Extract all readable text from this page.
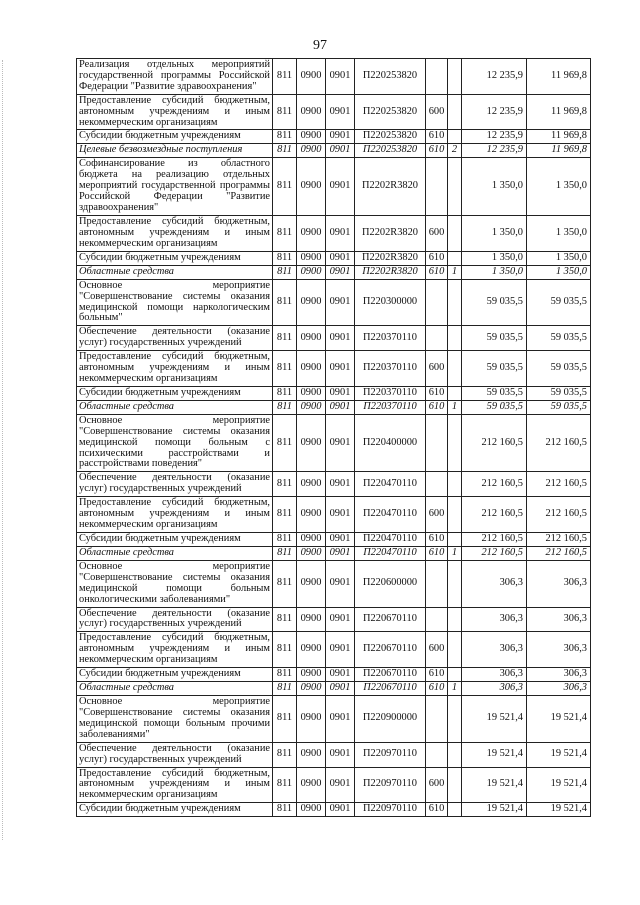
97
Реализация отдельных мероприятий государственной программы Российской Федерации "Развитие здравоохранения"	811	0900	0901	П220253820			12 235,9	11 969,8
Предоставление субсидий бюджетным, автономным учреждениям и иным некоммерческим организациям	811	0900	0901	П220253820	600		12 235,9	11 969,8
Субсидии бюджетным учреждениям	811	0900	0901	П220253820	610		12 235,9	11 969,8
Целевые безвозмездные поступления	811	0900	0901	П220253820	610	2	12 235,9	11 969,8
Софинансирование из областного бюджета на реализацию отдельных мероприятий государственной программы Российской Федерации "Развитие здравоохранения"	811	0900	0901	П2202R3820			1 350,0	1 350,0
Предоставление субсидий бюджетным, автономным учреждениям и иным некоммерческим организациям	811	0900	0901	П2202R3820	600		1 350,0	1 350,0
Субсидии бюджетным учреждениям	811	0900	0901	П2202R3820	610		1 350,0	1 350,0
Областные средства	811	0900	0901	П2202R3820	610	1	1 350,0	1 350,0
Основное мероприятие "Совершенствование системы оказания медицинской помощи наркологическим больным"	811	0900	0901	П220300000			59 035,5	59 035,5
Обеспечение деятельности (оказание услуг) государственных учреждений	811	0900	0901	П220370110			59 035,5	59 035,5
Предоставление субсидий бюджетным, автономным учреждениям и иным некоммерческим организациям	811	0900	0901	П220370110	600		59 035,5	59 035,5
Субсидии бюджетным учреждениям	811	0900	0901	П220370110	610		59 035,5	59 035,5
Областные средства	811	0900	0901	П220370110	610	1	59 035,5	59 035,5
Основное мероприятие "Совершенствование системы оказания медицинской помощи больным с психическими расстройствами и расстройствами поведения"	811	0900	0901	П220400000			212 160,5	212 160,5
Обеспечение деятельности (оказание услуг) государственных учреждений	811	0900	0901	П220470110			212 160,5	212 160,5
Предоставление субсидий бюджетным, автономным учреждениям и иным некоммерческим организациям	811	0900	0901	П220470110	600		212 160,5	212 160,5
Субсидии бюджетным учреждениям	811	0900	0901	П220470110	610		212 160,5	212 160,5
Областные средства	811	0900	0901	П220470110	610	1	212 160,5	212 160,5
Основное мероприятие "Совершенствование системы оказания медицинской помощи больным онкологическими заболеваниями"	811	0900	0901	П220600000			306,3	306,3
Обеспечение деятельности (оказание услуг) государственных учреждений	811	0900	0901	П220670110			306,3	306,3
Предоставление субсидий бюджетным, автономным учреждениям и иным некоммерческим организациям	811	0900	0901	П220670110	600		306,3	306,3
Субсидии бюджетным учреждениям	811	0900	0901	П220670110	610		306,3	306,3
Областные средства	811	0900	0901	П220670110	610	1	306,3	306,3
Основное мероприятие "Совершенствование системы оказания медицинской помощи больным прочими заболеваниями"	811	0900	0901	П220900000			19 521,4	19 521,4
Обеспечение деятельности (оказание услуг) государственных учреждений	811	0900	0901	П220970110			19 521,4	19 521,4
Предоставление субсидий бюджетным, автономным учреждениям и иным некоммерческим организациям	811	0900	0901	П220970110	600		19 521,4	19 521,4
Субсидии бюджетным учреждениям	811	0900	0901	П220970110	610		19 521,4	19 521,4
